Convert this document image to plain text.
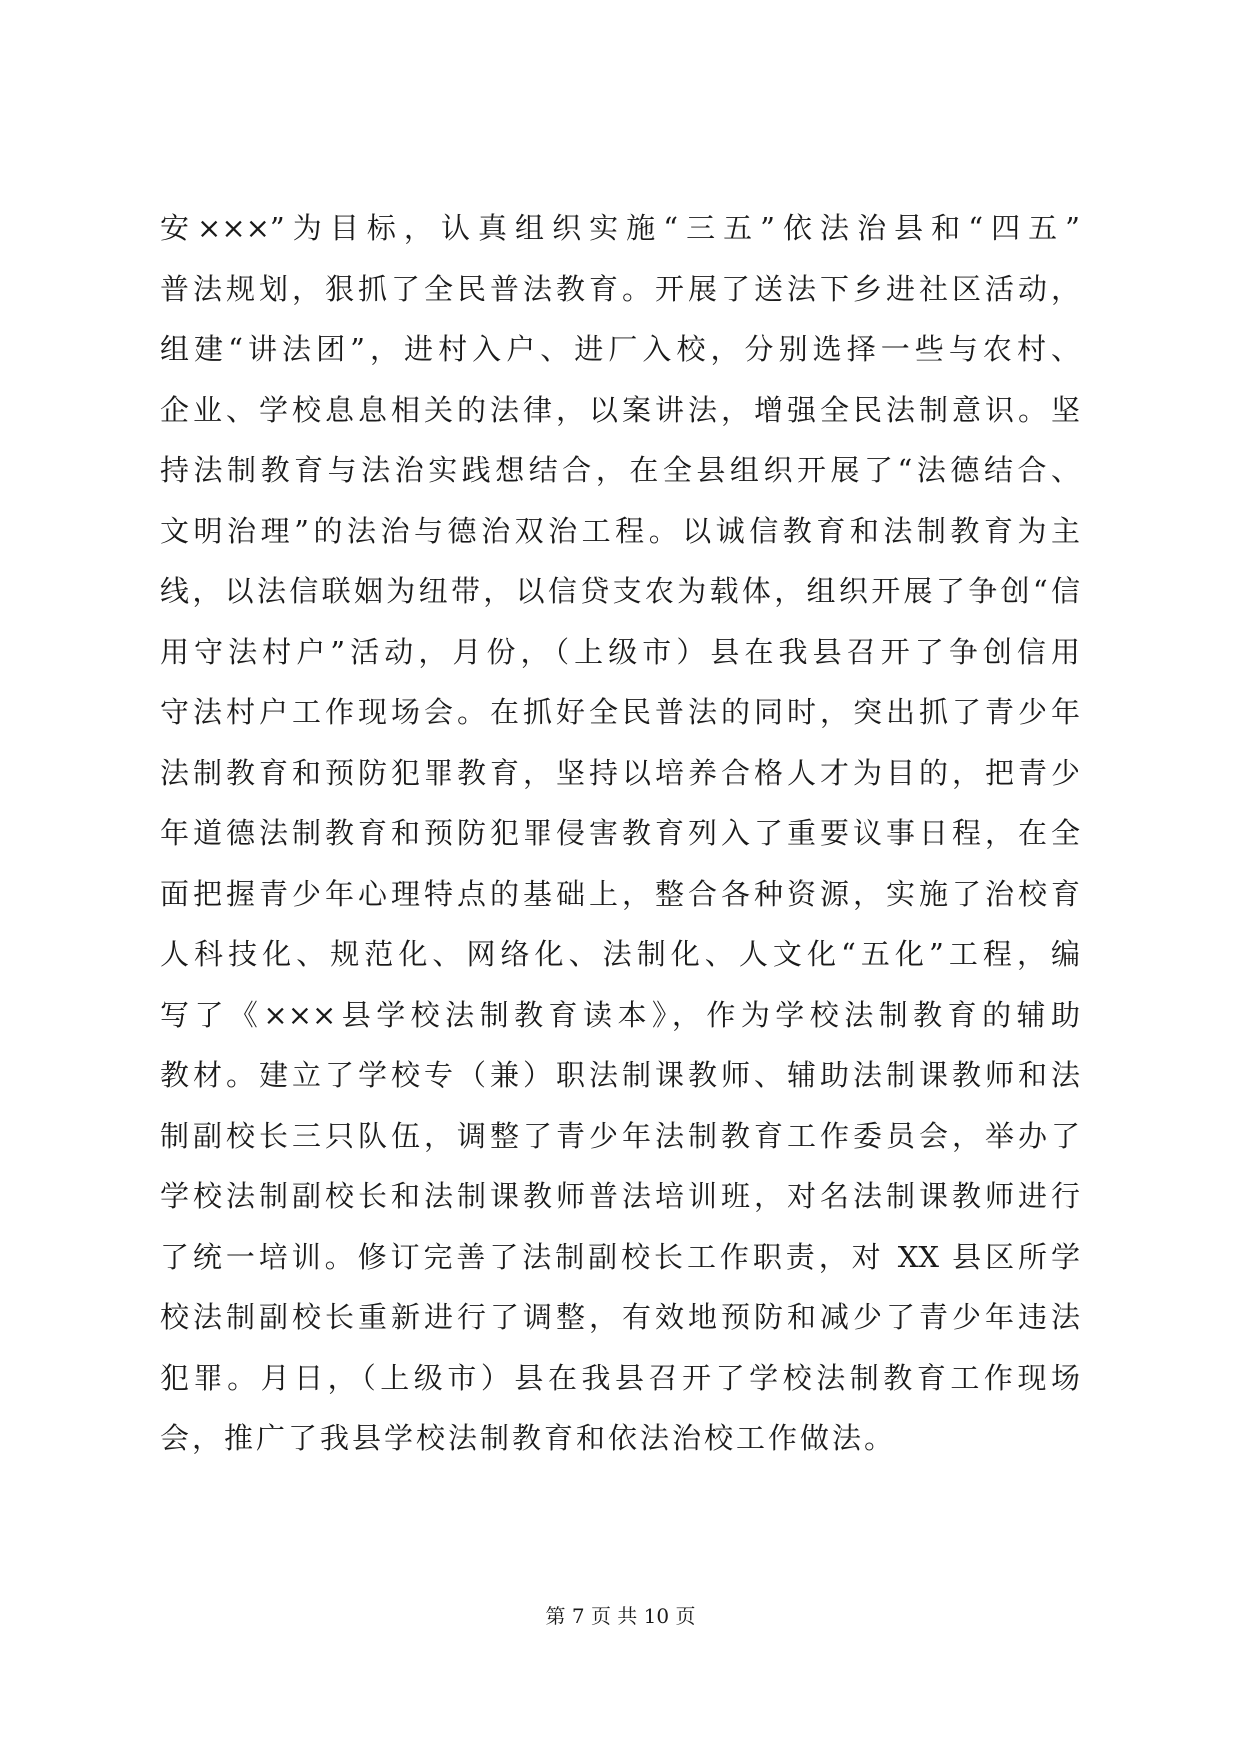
安×××”为目标，认真组织实施“三五”依法治县和“四五”
普法规划，狠抓了全民普法教育。开展了送法下乡进社区活动，
组建“讲法团”，进村入户、进厂入校，分别选择一些与农村、
企业、学校息息相关的法律，以案讲法，增强全民法制意识。坚
持法制教育与法治实践想结合，在全县组织开展了“法德结合、
文明治理”的法治与德治双治工程。以诚信教育和法制教育为主
线，以法信联姻为纽带，以信贷支农为载体，组织开展了争创“信
用守法村户”活动，月份，（上级市）县在我县召开了争创信用
守法村户工作现场会。在抓好全民普法的同时，突出抓了青少年
法制教育和预防犯罪教育，坚持以培养合格人才为目的，把青少
年道德法制教育和预防犯罪侵害教育列入了重要议事日程，在全
面把握青少年心理特点的基础上，整合各种资源，实施了治校育
人科技化、规范化、网络化、法制化、人文化“五化”工程，编
写了《×××县学校法制教育读本》，作为学校法制教育的辅助
教材。建立了学校专（兼）职法制课教师、辅助法制课教师和法
制副校长三只队伍，调整了青少年法制教育工作委员会，举办了
学校法制副校长和法制课教师普法培训班，对名法制课教师进行
了统一培训。修订完善了法制副校长工作职责，对 XX 县区所学
校法制副校长重新进行了调整，有效地预防和减少了青少年违法
犯罪。月日，（上级市）县在我县召开了学校法制教育工作现场
会，推广了我县学校法制教育和依法治校工作做法。
第 7 页 共 10 页
